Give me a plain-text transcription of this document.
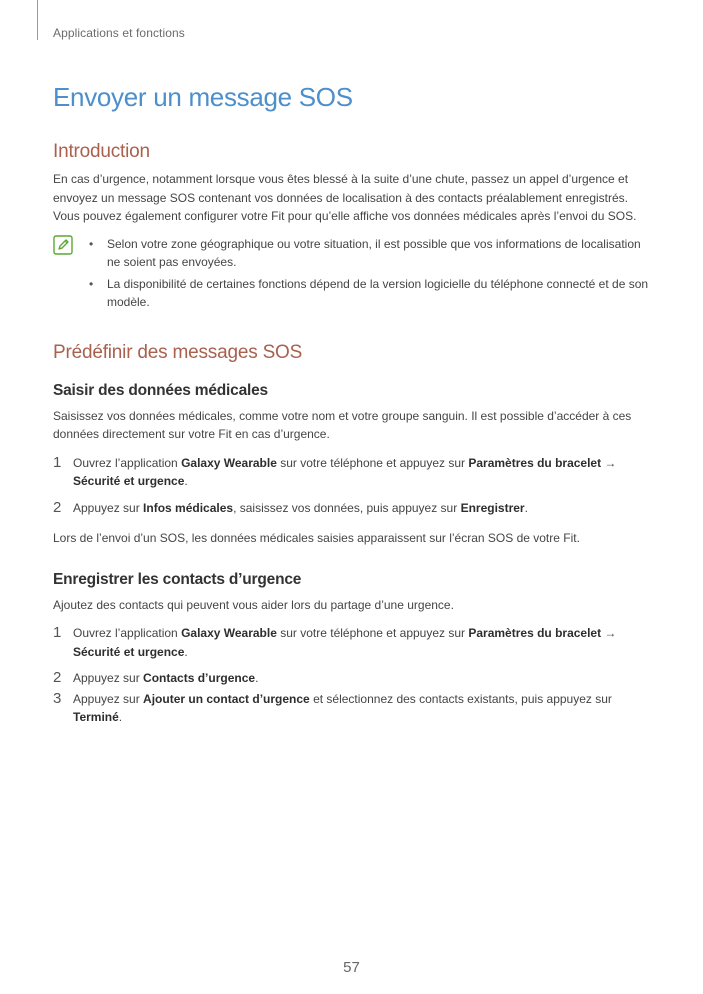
Applications et fonctions
Envoyer un message SOS
Introduction

En cas d’urgence, notamment lorsque vous êtes blessé à la suite d’une chute, passez un appel d’urgence et envoyez un message SOS contenant vos données de localisation à des contacts préalablement enregistrés. Vous pouvez également configurer votre Fit pour qu’elle affiche vos données médicales après l’envoi du SOS.

• Selon votre zone géographique ou votre situation, il est possible que vos informations de localisation ne soient pas envoyées.
• La disponibilité de certaines fonctions dépend de la version logicielle du téléphone connecté et de son modèle.
Prédéfinir des messages SOS
Saisir des données médicales

Saisissez vos données médicales, comme votre nom et votre groupe sanguin. Il est possible d’accéder à ces données directement sur votre Fit en cas d’urgence.

1 Ouvrez l’application Galaxy Wearable sur votre téléphone et appuyez sur Paramètres du bracelet → Sécurité et urgence.
2 Appuyez sur Infos médicales, saisissez vos données, puis appuyez sur Enregistrer.

Lors de l’envoi d’un SOS, les données médicales saisies apparaissent sur l’écran SOS de votre Fit.

Enregistrer les contacts d’urgence

Ajoutez des contacts qui peuvent vous aider lors du partage d’une urgence.

1 Ouvrez l’application Galaxy Wearable sur votre téléphone et appuyez sur Paramètres du bracelet → Sécurité et urgence.
2 Appuyez sur Contacts d’urgence.
3 Appuyez sur Ajouter un contact d’urgence et sélectionnez des contacts existants, puis appuyez sur Terminé.
57
